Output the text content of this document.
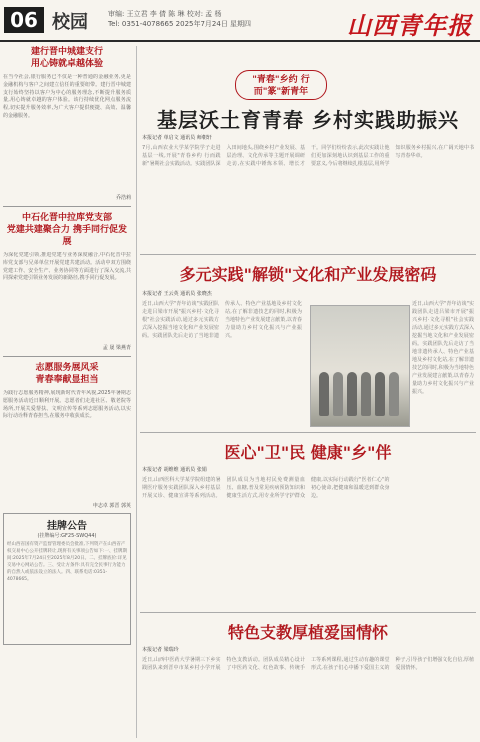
06 校园	审编: 王立君 李 倩 陈 琳 校对: 孟 杨
Tel: 0351-4078665 2025年7月24日 星期四	山西青年报
建行晋中城建支行
用心铸就卓越体验
在当今社会,银行服务已不仅是一种普通的金融业务,更是金融机构与客户之间建立信任的重要纽带。建行晋中城建支行始终坚持以客户为中心的服务理念,不断提升服务质量,用心铸就卓越的客户体验。该行持续优化网点服务流程,切实提升服务效率,为广大客户提供便捷、高效、温馨的金融服务。
乔浩莉
中石化晋中拉库党支部
党建共建聚合力 携手同行促发展
为深化党建引领,推进党建与业务深度融合,中石化晋中拉库党支部与兄弟单位开展党建共建活动。活动中双方围绕党建工作、安全生产、业务协同等方面进行了深入交流,共同探索党建引领业务发展的新路径,携手同行促发展。
孟 晟 梁燕青
志愿服务展风采
青春奉献显担当
为践行志愿服务精神,展现新时代青年风貌,2025年暑期志愿服务活动近日顺利开展。志愿者们走进社区、敬老院等场所,开展关爱帮扶、文明宣传等系列志愿服务活动,以实际行动诠释青春担当,在服务中收获成长。
申志卓 郭晋 郭英
挂牌公告
(挂牌编号:GF25-SWQ44)
经山西省国有资产监督管理委员会批准,下列资产在山西省产权交易中心公开挂牌转让,现将有关事项公告如下:一、挂牌期间:2025年7月24日至2025年8月20日。二、挂牌底价:详见交易中心网站公告。三、受让方条件:具有完全民事行为能力的自然人或依法设立的法人。四、联系电话:0351-4078665。
"青春"乡约 行而"篆"新青年
基层沃土育青春 乡村实践助振兴
本报记者 单启文 通讯员 师朝轩
7月,山西农业大学某学院学子走进基层一线,开展"青春乡约 行而践新"暑期社会实践活动。实践团队深入田间地头,围绕乡村产业发展、基层治理、文化传承等主题开展调研走访,在实践中锤炼本领、增长才干。同学们纷纷表示,此次实践让他们更加深刻地认识到基层工作的重要意义,今后将继续扎根基层,用所学知识服务乡村振兴,在广阔天地中书写青春华章。
多元实践"解锁"文化和产业发展密码
本报记者 王云英 通讯员 张晓杰
近日,山西大学"青年访谈"实践团队走进吕梁市开展"振兴乡村·文化寻根"社会实践活动,通过多元实践方式深入挖掘当地文化和产业发展密码。实践团队先后走访了当地非遗传承人、特色产业基地及乡村文化站,在了解非遗技艺的同时,积极为当地特色产业发展建言献策,以青春力量助力乡村文化振兴与产业振兴。
近日,山西大学"青年访谈"实践团队走进吕梁市开展"振兴乡村·文化寻根"社会实践活动,通过多元实践方式深入挖掘当地文化和产业发展密码。实践团队先后走访了当地非遗传承人、特色产业基地及乡村文化站,在了解非遗技艺的同时,积极为当地特色产业发展建言献策,以青春力量助力乡村文化振兴与产业振兴。
医心"卫"民 健康"乡"伴
本报记者 胡维维 通讯员 张娟
近日,山西医科大学某学院组建的暑期医疗服务实践团队深入乡村基层开展义诊、健康宣讲等系列活动。团队成员为当地村民免费测量血压、血糖,普及常见疾病预防知识和健康生活方式,用专业所学守护群众健康,以实际行动践行"医者仁心"的初心使命,把健康和温暖送到群众身边。
特色支教厚植爱国情怀
本报记者 梁瑞玲
近日,山西中医药大学暑期三下乡实践团队来到晋中市某乡村小学开展特色支教活动。团队成员精心设计了中医药文化、红色故事、传统手工等系列课程,通过生动有趣的课堂形式,在孩子们心中播下爱国主义的种子,引导孩子们增强文化自信,厚植爱国情怀。
